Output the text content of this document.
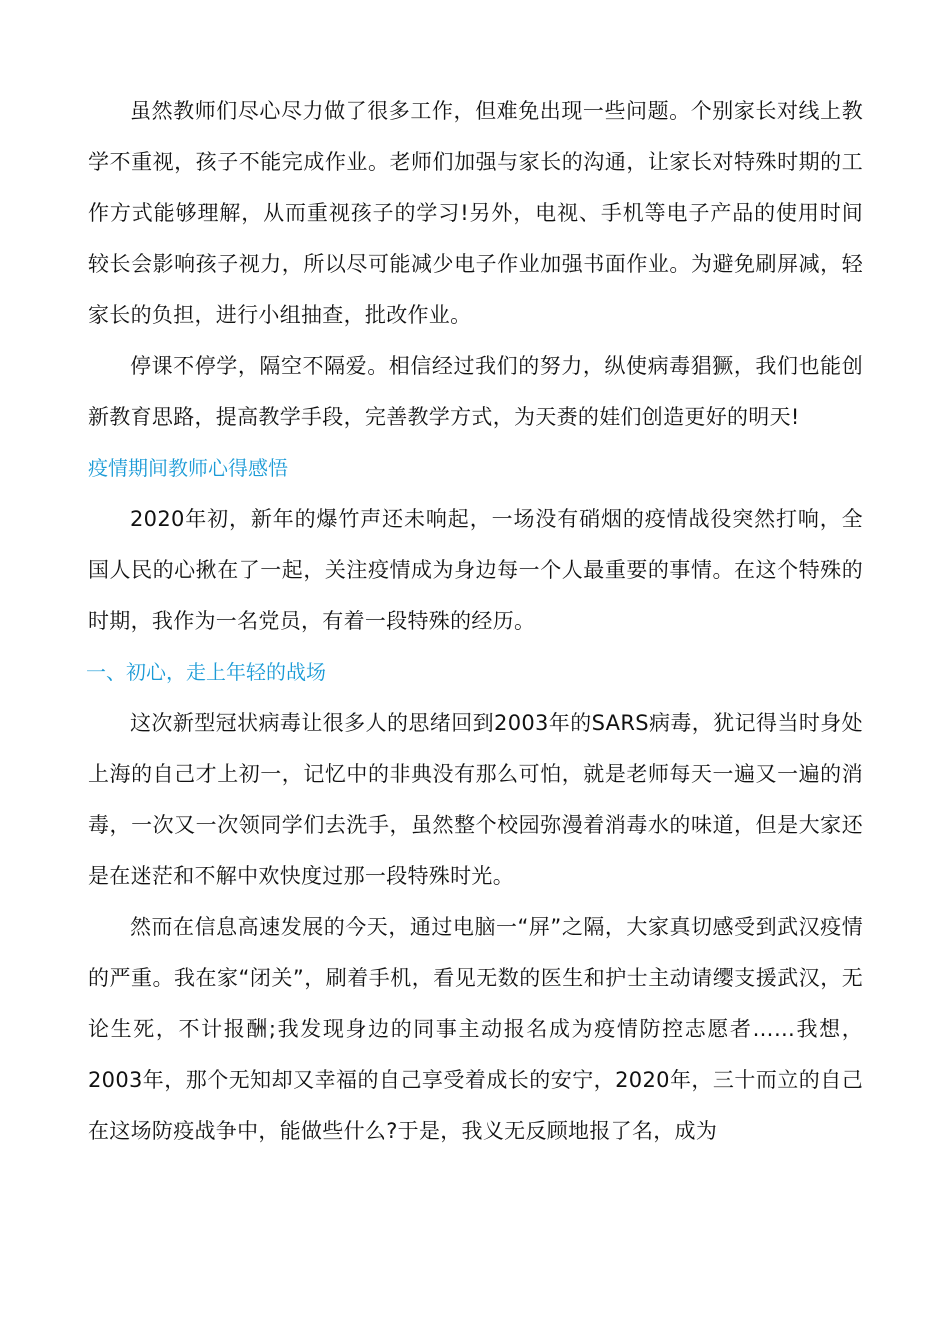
虽然教师们尽心尽力做了很多工作，但难免出现一些问题。个别家长对线上教学不重视，孩子不能完成作业。老师们加强与家长的沟通，让家长对特殊时期的工作方式能够理解，从而重视孩子的学习!另外，电视、手机等电子产品的使用时间较长会影响孩子视力，所以尽可能减少电子作业加强书面作业。为避免刷屏减，轻家长的负担，进行小组抽查，批改作业。

停课不停学，隔空不隔爱。相信经过我们的努力，纵使病毒猖獗，我们也能创新教育思路，提高教学手段，完善教学方式，为天赉的娃们创造更好的明天!

疫情期间教师心得感悟

2020年初，新年的爆竹声还未响起，一场没有硝烟的疫情战役突然打响，全国人民的心揪在了一起，关注疫情成为身边每一个人最重要的事情。在这个特殊的时期，我作为一名党员，有着一段特殊的经历。

一、初心，走上年轻的战场

这次新型冠状病毒让很多人的思绪回到2003年的SARS病毒，犹记得当时身处上海的自己才上初一，记忆中的非典没有那么可怕，就是老师每天一遍又一遍的消毒，一次又一次领同学们去洗手，虽然整个校园弥漫着消毒水的味道，但是大家还是在迷茫和不解中欢快度过那一段特殊时光。

然而在信息高速发展的今天，通过电脑一“屏”之隔，大家真切感受到武汉疫情的严重。我在家“闭关”，刷着手机，看见无数的医生和护士主动请缨支援武汉，无论生死，不计报酬;我发现身边的同事主动报名成为疫情防控志愿者……我想，2003年，那个无知却又幸福的自己享受着成长的安宁，2020年，三十而立的自己在这场防疫战争中，能做些什么?于是，我义无反顾地报了名，成为
